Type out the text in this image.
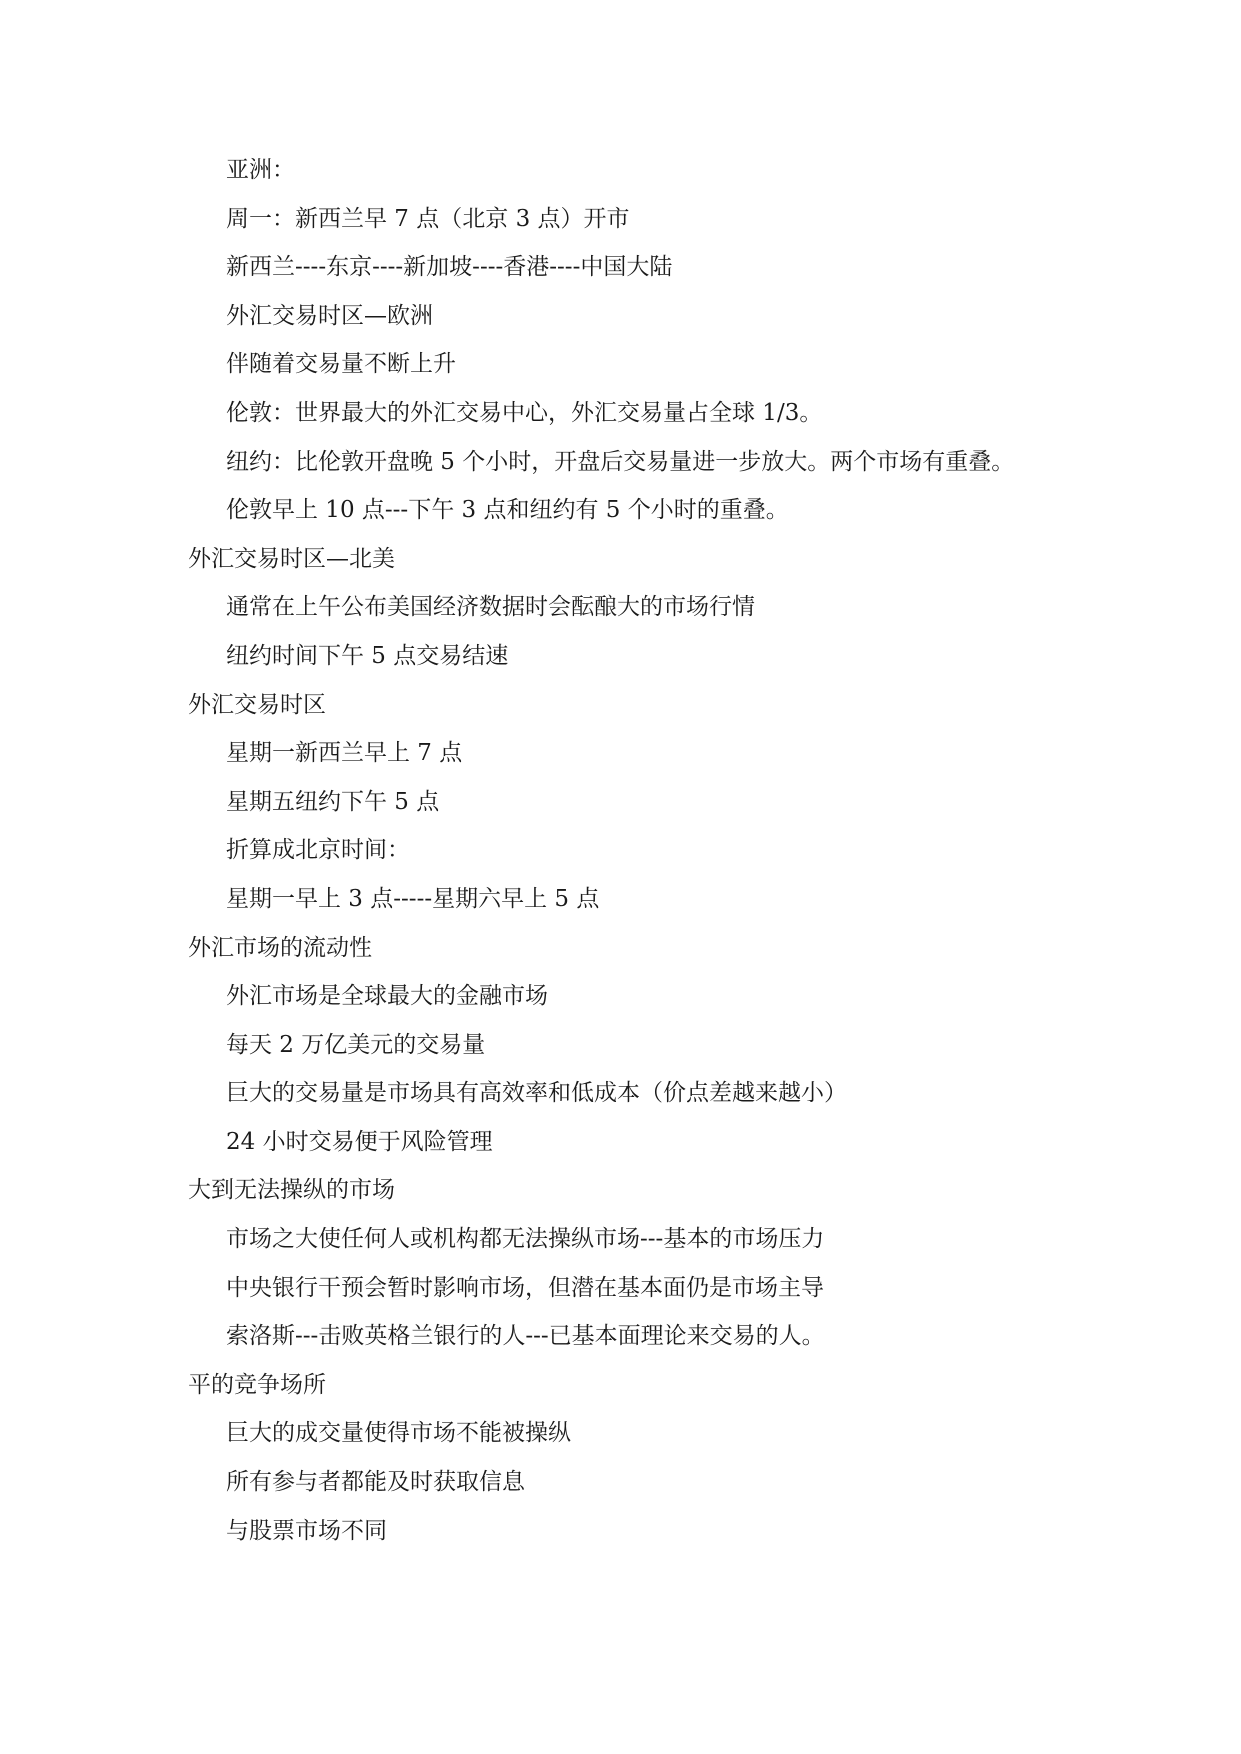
亚洲：
周一：新西兰早 7 点（北京 3 点）开市
新西兰----东京----新加坡----香港----中国大陆
外汇交易时区—欧洲
伴随着交易量不断上升
伦敦：世界最大的外汇交易中心，外汇交易量占全球 1/3。
纽约：比伦敦开盘晚 5 个小时，开盘后交易量进一步放大。两个市场有重叠。
伦敦早上 10 点---下午 3 点和纽约有 5 个小时的重叠。
外汇交易时区—北美
通常在上午公布美国经济数据时会酝酿大的市场行情
纽约时间下午 5 点交易结速
外汇交易时区
星期一新西兰早上 7 点
星期五纽约下午 5 点
折算成北京时间：
星期一早上 3 点-----星期六早上 5 点
外汇市场的流动性
外汇市场是全球最大的金融市场
每天 2 万亿美元的交易量
巨大的交易量是市场具有高效率和低成本（价点差越来越小）
24 小时交易便于风险管理
大到无法操纵的市场
市场之大使任何人或机构都无法操纵市场---基本的市场压力
中央银行干预会暂时影响市场，但潜在基本面仍是市场主导
索洛斯---击败英格兰银行的人---已基本面理论来交易的人。
平的竞争场所
巨大的成交量使得市场不能被操纵
所有参与者都能及时获取信息
与股票市场不同
